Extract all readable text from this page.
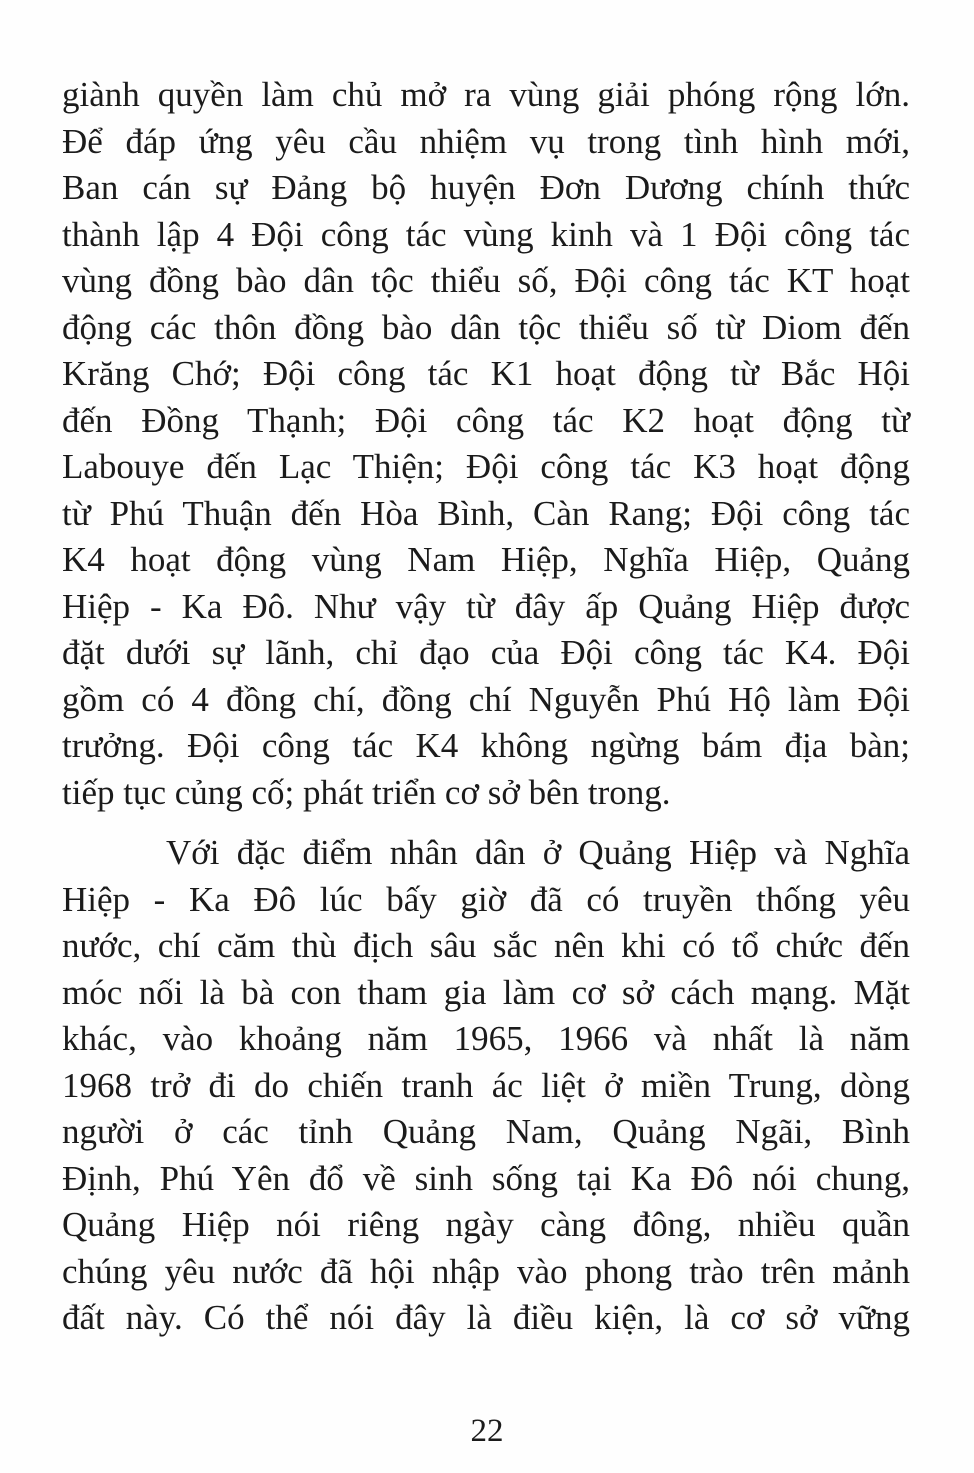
giành quyền làm chủ mở ra vùng giải phóng rộng lớn.
Để đáp ứng yêu cầu nhiệm vụ trong tình hình mới,
Ban cán sự Đảng bộ huyện Đơn Dương chính thức
thành lập 4 Đội công tác vùng kinh và 1 Đội công tác
vùng đồng bào dân tộc thiểu số, Đội công tác KT hoạt
động các thôn đồng bào dân tộc thiểu số từ Diom đến
Krăng Chớ; Đội công tác K1 hoạt động từ Bắc Hội
đến Đồng Thạnh; Đội công tác K2 hoạt động từ
Labouye đến Lạc Thiện; Đội công tác K3 hoạt động
từ Phú Thuận đến Hòa Bình, Càn Rang; Đội công tác
K4 hoạt động vùng Nam Hiệp, Nghĩa Hiệp, Quảng
Hiệp - Ka Đô. Như vậy từ đây ấp Quảng Hiệp được
đặt dưới sự lãnh, chỉ đạo của Đội công tác K4. Đội
gồm có 4 đồng chí, đồng chí Nguyễn Phú Hộ làm Đội
trưởng. Đội công tác K4 không ngừng bám địa bàn;
tiếp tục củng cố; phát triển cơ sở bên trong.

Với đặc điểm nhân dân ở Quảng Hiệp và Nghĩa
Hiệp - Ka Đô lúc bấy giờ đã có truyền thống yêu
nước, chí căm thù địch sâu sắc nên khi có tổ chức đến
móc nối là bà con tham gia làm cơ sở cách mạng. Mặt
khác, vào khoảng năm 1965, 1966 và nhất là năm
1968 trở đi do chiến tranh ác liệt ở miền Trung, dòng
người ở các tỉnh Quảng Nam, Quảng Ngãi, Bình
Định, Phú Yên đổ về sinh sống tại Ka Đô nói chung,
Quảng Hiệp nói riêng ngày càng đông, nhiều quần
chúng yêu nước đã hội nhập vào phong trào trên mảnh
đất này. Có thể nói đây là điều kiện, là cơ sở vững

22
